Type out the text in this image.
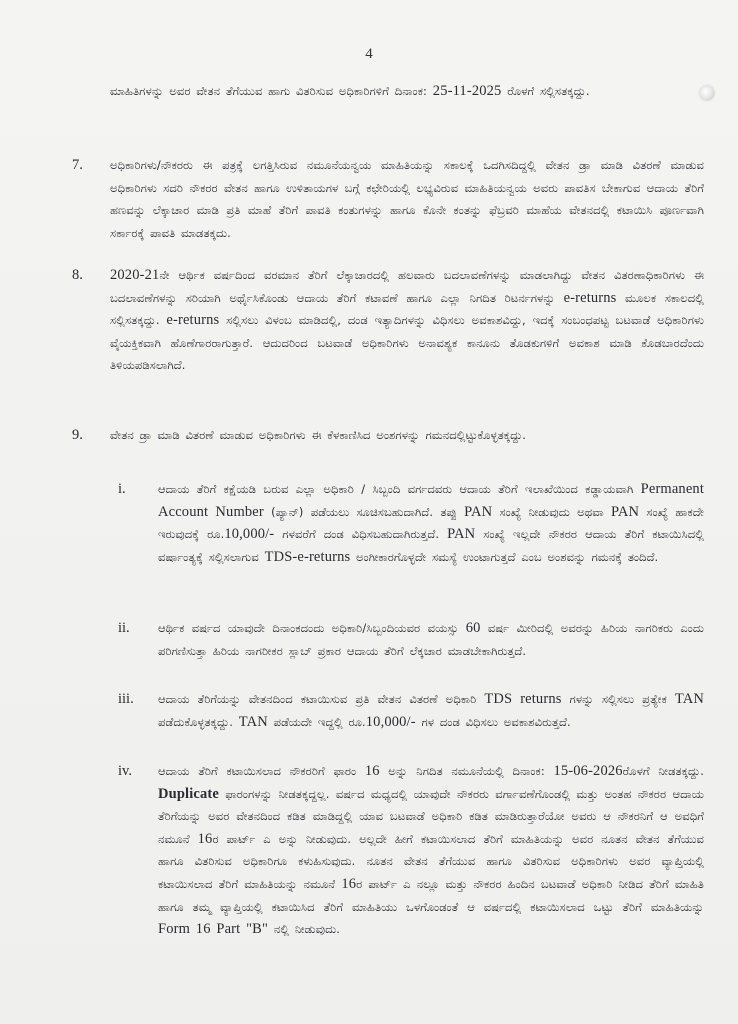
4

ಮಾಹಿತಿಗಳನ್ನು ಅವರ ವೇತನ ತೆಗೆಯುವ ಹಾಗು ವಿತರಿಸುವ ಅಧಿಕಾರಿಗಳಿಗೆ ದಿನಾಂಕ: 25-11-2025 ರೊಳಗೆ ಸಲ್ಲಿಸತಕ್ಕದ್ದು.

7. ಅಧಿಕಾರಿಗಳು/ನೌಕರರು ಈ ಪತ್ರಕ್ಕೆ ಲಗತ್ತಿಸಿರುವ ನಮೂನೆಯನ್ವಯ ಮಾಹಿತಿಯನ್ನು ಸಕಾಲಕ್ಕೆ ಒದಗಿಸದಿದ್ದಲ್ಲಿ ವೇತನ ಡ್ರಾ ಮಾಡಿ ವಿತರಣೆ ಮಾಡುವ ಅಧಿಕಾರಿಗಳು ಸದರಿ ನೌಕರರ ವೇತನ ಹಾಗೂ ಉಳಿತಾಯಗಳ ಬಗ್ಗೆ ಕಛೇರಿಯಲ್ಲಿ ಲಭ್ಯವಿರುವ ಮಾಹಿತಿಯನ್ವಯ ಅವರು ಪಾವತಿಸ ಬೇಕಾಗುವ ಆದಾಯ ತೆರಿಗೆ ಹಣವನ್ನು ಲೆಕ್ಕಾಚಾರ ಮಾಡಿ ಪ್ರತಿ ಮಾಹೆ ತೆರಿಗೆ ಪಾವತಿ ಕಂತುಗಳನ್ನು ಹಾಗೂ ಕೊನೇ ಕಂತನ್ನು ಫೆಬ್ರವರಿ ಮಾಹೆಯ ವೇತನದಲ್ಲಿ ಕಟಾಯಿಸಿ ಪೂರ್ಣವಾಗಿ ಸರ್ಕಾರಕ್ಕೆ ಪಾವತಿ ಮಾಡತಕ್ಕದು.

8. 2020-21ನೇ ಆರ್ಥಿಕ ವರ್ಷದಿಂದ ವರಮಾನ ತೆರಿಗೆ ಲೆಕ್ಕಾಚಾರದಲ್ಲಿ ಹಲವಾರು ಬದಲಾವಣೆಗಳನ್ನು ಮಾಡಲಾಗಿದ್ದು ವೇತನ ವಿತರಣಾಧಿಕಾರಿಗಳು ಈ ಬದಲಾವಣೆಗಳನ್ನು ಸರಿಯಾಗಿ ಅರ್ಥೈಸಿಕೊಂಡು ಆದಾಯ ತೆರಿಗೆ ಕಟಾವಣೆ ಹಾಗೂ ಎಲ್ಲಾ ನಿಗದಿತ ರಿಟರ್ನಗಳನ್ನು e-returns ಮೂಲಕ ಸಕಾಲದಲ್ಲಿ ಸಲ್ಲಿಸತಕ್ಕದ್ದು. e-returns ಸಲ್ಲಿಸಲು ವಿಳಂಬ ಮಾಡಿದಲ್ಲಿ, ದಂಡ ಇತ್ಯಾದಿಗಳನ್ನು ವಿಧಿಸಲು ಅವಕಾಶವಿದ್ದು, ಇದಕ್ಕೆ ಸಂಬಂಧಪಟ್ಟ ಬಟವಾಡೆ ಅಧಿಕಾರಿಗಳು ವೈಯಕ್ತಿಕವಾಗಿ ಹೊಣೆಗಾರರಾಗುತ್ತಾರೆ. ಆದುದರಿಂದ ಬಟವಾಡೆ ಅಧಿಕಾರಿಗಳು ಅನಾವಶ್ಯಕ ಕಾನೂನು ತೊಡಕುಗಳಿಗೆ ಅವಕಾಶ ಮಾಡಿ ಕೊಡಬಾರದೆಂದು ತಿಳಿಯಪಡಿಸಲಾಗಿದೆ.

9. ವೇತನ ಡ್ರಾ ಮಾಡಿ ವಿತರಣೆ ಮಾಡುವ ಅಧಿಕಾರಿಗಳು ಈ ಕೆಳಕಾಣಿಸಿದ ಅಂಶಗಳನ್ನು ಗಮನದಲ್ಲಿಟ್ಟುಕೊಳ್ಳತಕ್ಕದ್ದು.

i.	ಆದಾಯ ತೆರಿಗೆ ಕಕ್ಷೆಯಡಿ ಬರುವ ಎಲ್ಲಾ ಅಧಿಕಾರಿ / ಸಿಬ್ಬಂದಿ ವರ್ಗದವರು ಆದಾಯ ತೆರಿಗೆ ಇಲಾಖೆಯಿಂದ ಕಡ್ಡಾಯವಾಗಿ Permanent Account Number (ಪ್ಯಾನ್) ಪಡೆಯಲು ಸೂಚಿಸಬಹುದಾಗಿದೆ. ತಪ್ಪು PAN ಸಂಖ್ಯೆ ನೀಡುವುದು ಅಥವಾ PAN ಸಂಖ್ಯೆ ಹಾಕದೇ ಇರುವುದಕ್ಕೆ ರೂ.10,000/- ಗಳವರೆಗೆ ದಂಡ ವಿಧಿಸಬಹುದಾಗಿರುತ್ತದೆ. PAN ಸಂಖ್ಯೆ ಇಲ್ಲದೇ ನೌಕರರ ಆದಾಯ ತೆರಿಗೆ ಕಟಾಯಿಸಿದಲ್ಲಿ ವರ್ಷಾಂತ್ಯಕ್ಕೆ ಸಲ್ಲಿಸಲಾಗುವ TDS-e-returns ಅಂಗೀಕಾರಗೊಳ್ಳದೇ ಸಮಸ್ಯೆ ಉಂಟಾಗುತ್ತದೆ ಎಂಬ ಅಂಶವನ್ನು ಗಮನಕ್ಕೆ ತಂದಿದೆ.

ii. ಆರ್ಥಿಕ ವರ್ಷದ ಯಾವುದೇ ದಿನಾಂಕದಂದು ಅಧಿಕಾರಿ/ಸಿಬ್ಬಂದಿಯವರ ವಯಸ್ಸು 60 ವರ್ಷ ಮೀರಿದಲ್ಲಿ ಅವರನ್ನು ಹಿರಿಯ ನಾಗರಿಕರು ಎಂದು ಪರಿಗಣಿಸುತ್ತಾ ಹಿರಿಯ ನಾಗರೀಕರ ಸ್ಲಾಬ್ ಪ್ರಕಾರ ಆದಾಯ ತೆರಿಗೆ ಲೆಕ್ಕಚಾರ ಮಾಡಬೇಕಾಗಿರುತ್ತದೆ.

iii. ಆದಾಯ ತೆರಿಗೆಯನ್ನು ವೇತನದಿಂದ ಕಟಾಯಿಸುವ ಪ್ರತಿ ವೇತನ ವಿತರಣೆ ಅಧಿಕಾರಿ TDS returns ಗಳನ್ನು ಸಲ್ಲಿಸಲು ಪ್ರತ್ಯೇಕ TAN ಪಡೆದುಕೊಳ್ಳತಕ್ಕದ್ದು. TAN ಪಡೆಯದೇ ಇದ್ದಲ್ಲಿ ರೂ.10,000/- ಗಳ ದಂಡ ವಿಧಿಸಲು ಅವಕಾಶವಿರುತ್ತದೆ.

iv. ಆದಾಯ ತೆರಿಗೆ ಕಟಾಯಿಸಲಾದ ನೌಕರರಿಗೆ ಫಾರಂ 16 ಅನ್ನು ನಿಗದಿತ ನಮೂನೆಯಲ್ಲಿ ದಿನಾಂಕ: 15-06-2026ರೊಳಗೆ ನೀಡತಕ್ಕದ್ದು. Duplicate ಫಾರಂಗಳನ್ನು ನೀಡತಕ್ಕದ್ದಲ್ಲ. ವರ್ಷದ ಮಧ್ಯದಲ್ಲಿ ಯಾವುದೇ ನೌಕರರು ವರ್ಗಾವಣೆಗೊಂಡಲ್ಲಿ ಮತ್ತು ಅಂತಹ ನೌಕರರ ಆದಾಯ ತೆರಿಗೆಯನ್ನು ಅವರ ವೇತನದಿಂದ ಕಡಿತ ಮಾಡಿದ್ದಲ್ಲಿ ಯಾವ ಬಟವಾಡೆ ಅಧಿಕಾರಿ ಕಡಿತ ಮಾಡಿರುತ್ತಾರೆಯೋ ಅವರು ಆ ನೌಕರನಿಗೆ ಆ ಅವಧಿಗೆ ನಮೂನೆ 16ರ ಪಾರ್ಟ್ ಎ ಅನ್ನು ನೀಡುವುದು. ಅಲ್ಲದೇ ಹೀಗೆ ಕಟಾಯಿಸಲಾದ ತೆರಿಗೆ ಮಾಹಿತಿಯನ್ನು ಅವರ ನೂತನ ವೇತನ ತೆಗೆಯುವ ಹಾಗೂ ವಿತರಿಸುವ ಅಧಿಕಾರಿಗೂ ಕಳುಹಿಸುವುದು. ನೂತನ ವೇತನ ತೆಗೆಯುವ ಹಾಗೂ ವಿತರಿಸುವ ಅಧಿಕಾರಿಗಳು ಅವರ ವ್ಯಾಪ್ತಿಯಲ್ಲಿ ಕಟಾಯಿಸಲಾದ ತೆರಿಗೆ ಮಾಹಿತಿಯನ್ನು ನಮೂನೆ 16ರ ಪಾರ್ಟ್ ಎ ನಲ್ಲೂ ಮತ್ತು ನೌಕರರ ಹಿಂದಿನ ಬಟವಾಡೆ ಅಧಿಕಾರಿ ನೀಡಿದ ತೆರಿಗೆ ಮಾಹಿತಿ ಹಾಗೂ ತಮ್ಮ ವ್ಯಾಪ್ತಿಯಲ್ಲಿ ಕಟಾಯಿಸಿದ ತೆರಿಗೆ ಮಾಹಿತಿಯು ಒಳಗೊಂಡಂತೆ ಆ ವರ್ಷದಲ್ಲಿ ಕಟಾಯಿಸಲಾದ ಒಟ್ಟು ತೆರಿಗೆ ಮಾಹಿತಿಯನ್ನು Form 16 Part "B" ನಲ್ಲಿ ನೀಡುವುದು.
